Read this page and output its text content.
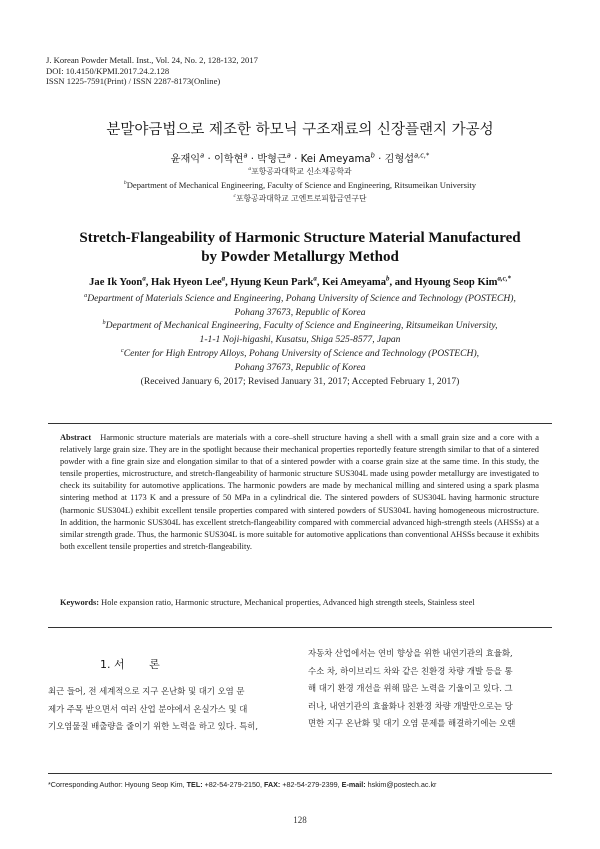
J. Korean Powder Metall. Inst., Vol. 24, No. 2, 128-132, 2017
DOI: 10.4150/KPMI.2017.24.2.128
ISSN 1225-7591(Print) / ISSN 2287-8173(Online)
분말야금법으로 제조한 하모닉 구조재료의 신장플랜지 가공성
윤재익$^a$ · 이학현$^a$ · 박형근$^a$ · Kei Ameyama$^b$ · 김형섭$^{a,c,*}$
$^a$포항공과대학교 신소재공학과
$^b$Department of Mechanical Engineering, Faculty of Science and Engineering, Ritsumeikan University
$^c$포항공과대학교 고엔트로피합금연구단
Stretch-Flangeability of Harmonic Structure Material Manufactured
by Powder Metallurgy Method
Jae Ik Yoon$^a$, Hak Hyeon Lee$^a$, Hyung Keun Park$^a$, Kei Ameyama$^b$, and Hyoung Seop Kim$^{a,c,*}$
$^a$Department of Materials Science and Engineering, Pohang University of Science and Technology (POSTECH),
Pohang 37673, Republic of Korea
$^b$Department of Mechanical Engineering, Faculty of Science and Engineering, Ritsumeikan University,
1-1-1 Noji-higashi, Kusatsu, Shiga 525-8577, Japan
$^c$Center for High Entropy Alloys, Pohang University of Science and Technology (POSTECH),
Pohang 37673, Republic of Korea
(Received January 6, 2017; Revised January 31, 2017; Accepted February 1, 2017)
Abstract Harmonic structure materials are materials with a core–shell structure having a shell with a small grain size and a core with a relatively large grain size. They are in the spotlight because their mechanical properties reportedly feature strength similar to that of a sintered powder with a fine grain size and elongation similar to that of a sintered powder with a coarse grain size at the same time. In this study, the tensile properties, microstructure, and stretch-flangeability of harmonic structure SUS304L made using powder metallurgy are investigated to check its suitability for automotive applications. The harmonic powders are made by mechanical milling and sintered using a spark plasma sintering method at 1173 K and a pressure of 50 MPa in a cylindrical die. The sintered powders of SUS304L having harmonic structure (harmonic SUS304L) exhibit excellent tensile properties compared with sintered powders of SUS304L having homogeneous microstructure. In addition, the harmonic SUS304L has excellent stretch-flangeability compared with commercial advanced high-strength steels (AHSSs) at a similar strength grade. Thus, the harmonic SUS304L is more suitable for automotive applications than conventional AHSSs because it exhibits both excellent tensile properties and stretch-flangeability.
Keywords: Hole expansion ratio, Harmonic structure, Mechanical properties, Advanced high strength steels, Stainless steel
1. 서       론
최근 들어, 전 세계적으로 지구 온난화 및 대기 오염 문
제가 주목 받으면서 여러 산업 분야에서 온실가스 및 대
기오염물질 배출량을 줄이기 위한 노력을 하고 있다. 특히,
자동차 산업에서는 연비 향상을 위한 내연기관의 효율화,
수소 차, 하이브리드 차와 같은 친환경 차량 개발 등을 통
해 대기 환경 개선을 위해 많은 노력을 기울이고 있다. 그
러나, 내연기관의 효율화나 친환경 차량 개발만으로는 당
면한 지구 온난화 및 대기 오염 문제를 해결하기에는 오랜
*Corresponding Author: Hyoung Seop Kim, TEL: +82-54-279-2150, FAX: +82-54-279-2399, E-mail: hskim@postech.ac.kr
128
